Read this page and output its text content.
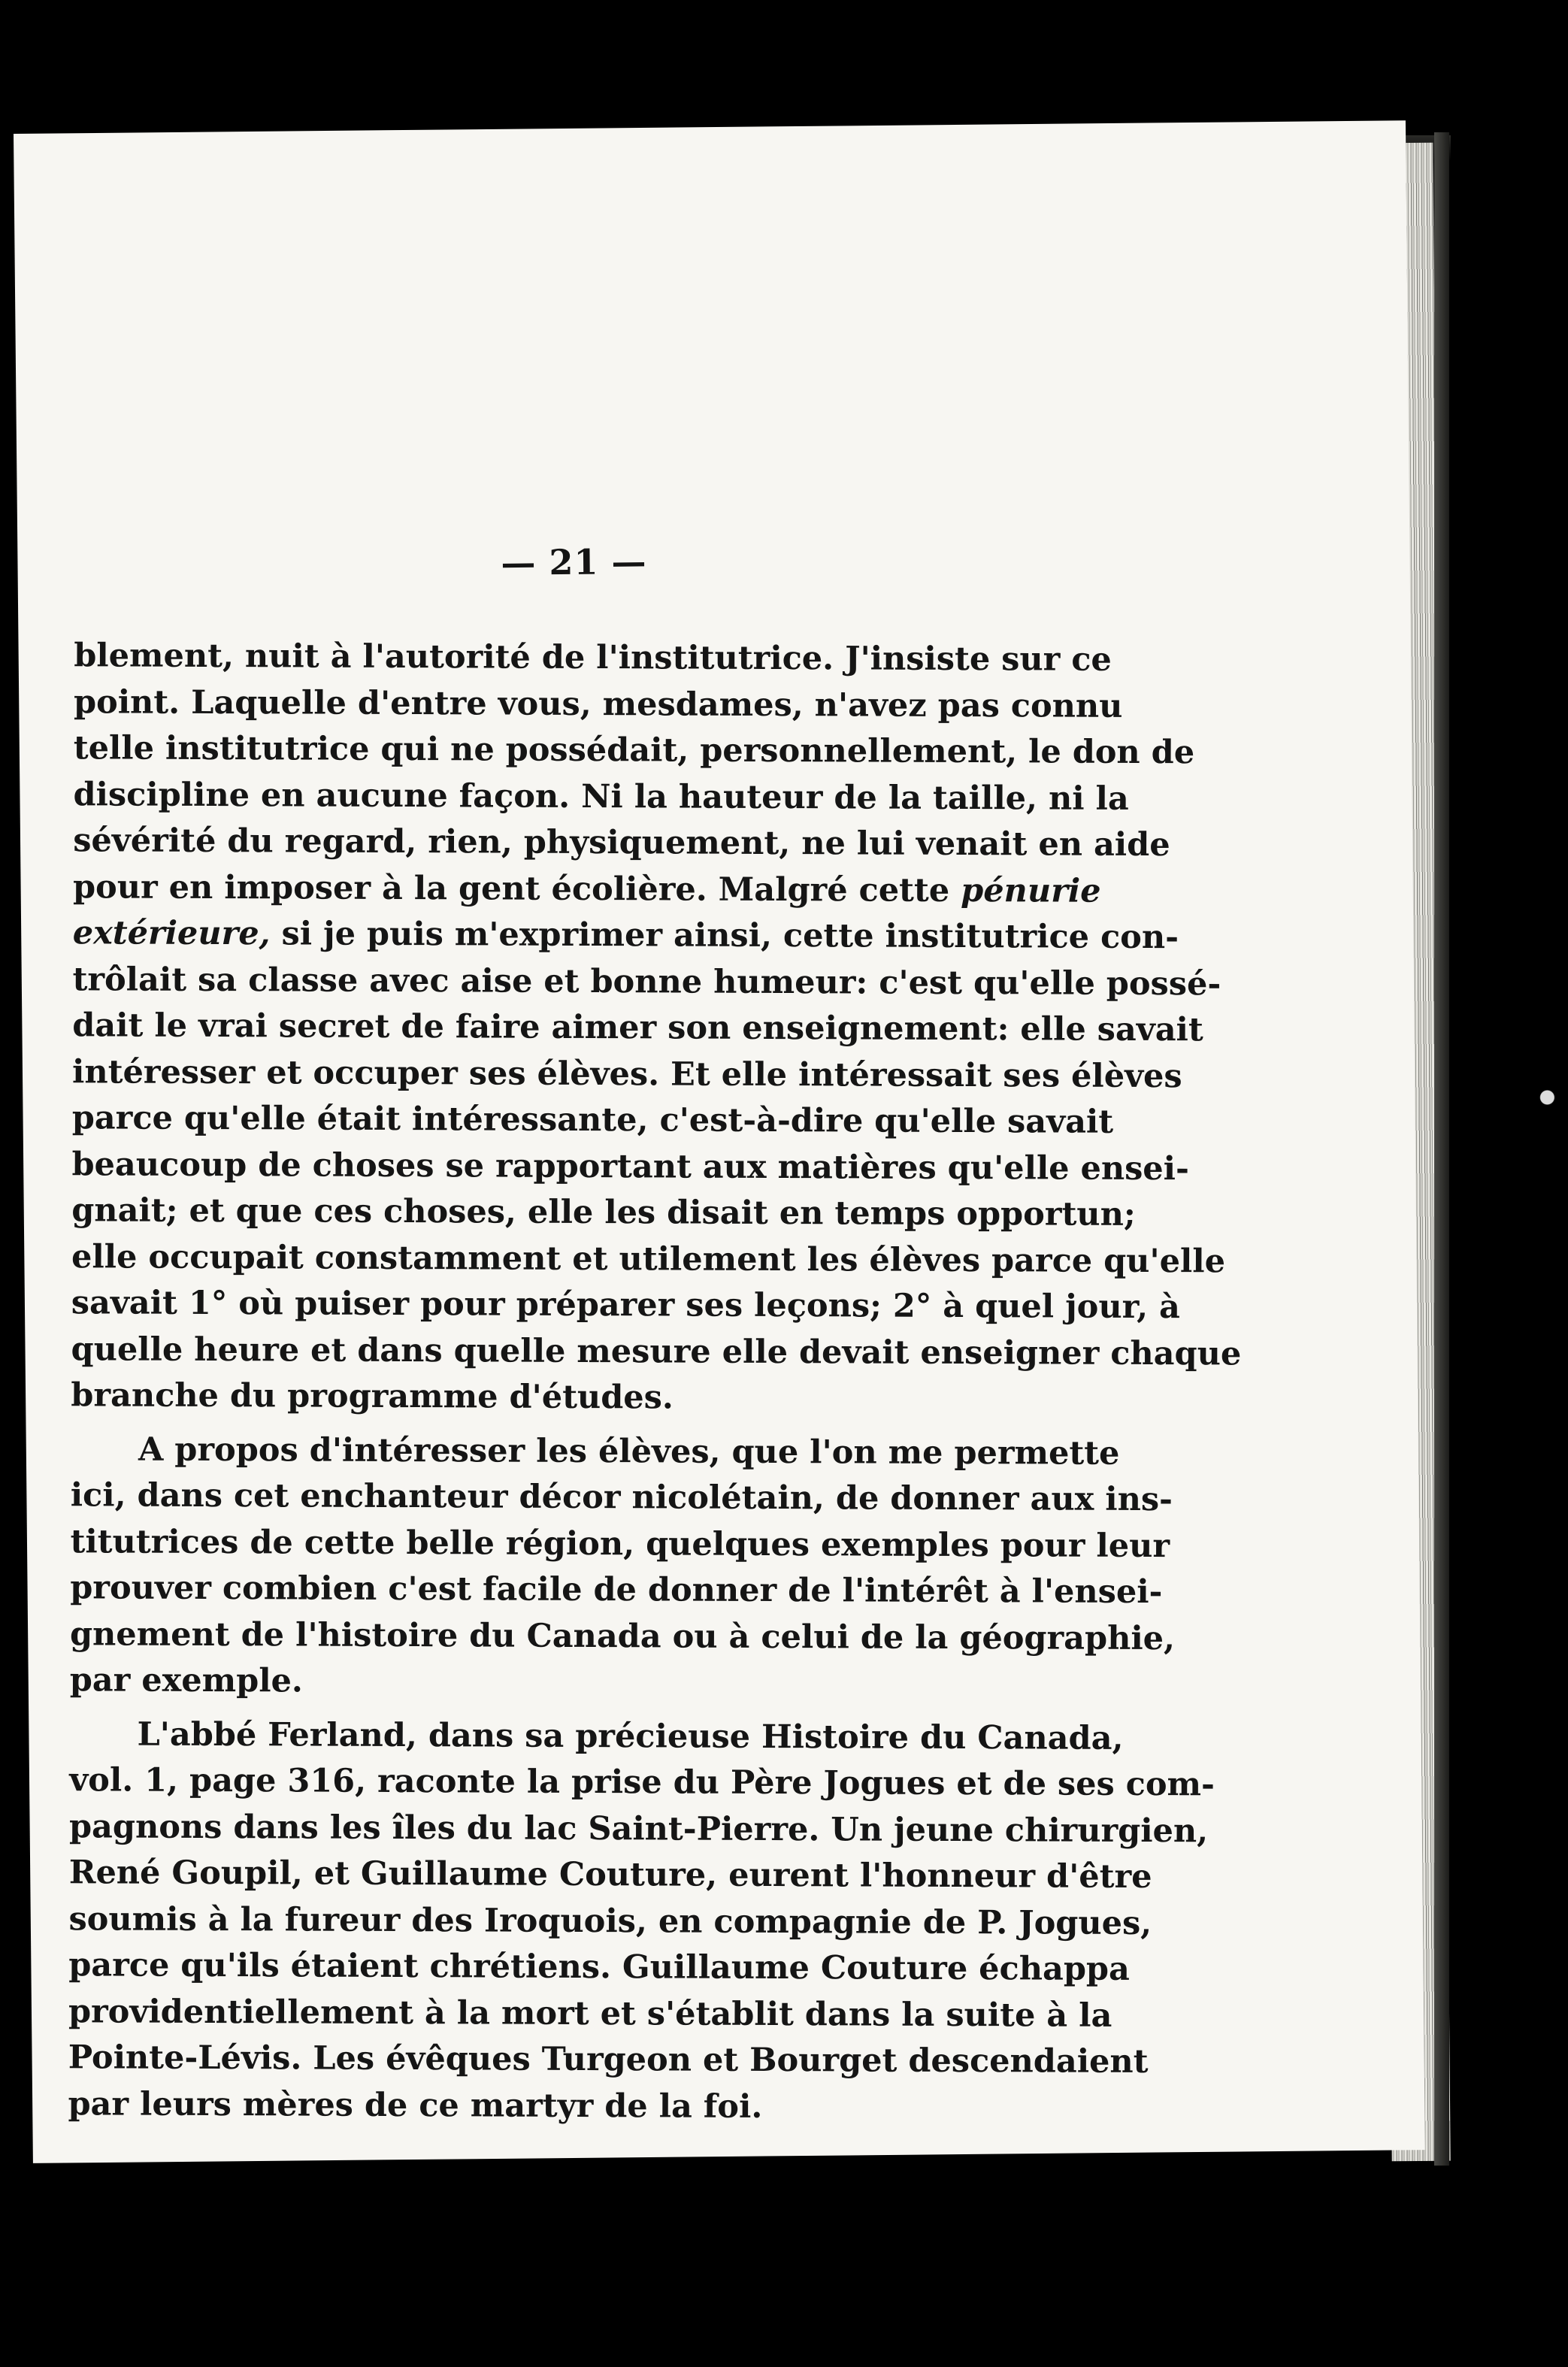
— 21 —

blement, nuit à l'autorité de l'institutrice. J'insiste sur ce
point. Laquelle d'entre vous, mesdames, n'avez pas connu
telle institutrice qui ne possédait, personnellement, le don de
discipline en aucune façon. Ni la hauteur de la taille, ni la
sévérité du regard, rien, physiquement, ne lui venait en aide
pour en imposer à la gent écolière. Malgré cette pénurie
extérieure, si je puis m'exprimer ainsi, cette institutrice con-
trôlait sa classe avec aise et bonne humeur: c'est qu'elle possé-
dait le vrai secret de faire aimer son enseignement: elle savait
intéresser et occuper ses élèves. Et elle intéressait ses élèves
parce qu'elle était intéressante, c'est-à-dire qu'elle savait
beaucoup de choses se rapportant aux matières qu'elle ensei-
gnait; et que ces choses, elle les disait en temps opportun;
elle occupait constamment et utilement les élèves parce qu'elle
savait 1° où puiser pour préparer ses leçons; 2° à quel jour, à
quelle heure et dans quelle mesure elle devait enseigner chaque
branche du programme d'études.

A propos d'intéresser les élèves, que l'on me permette
ici, dans cet enchanteur décor nicolétain, de donner aux ins-
titutrices de cette belle région, quelques exemples pour leur
prouver combien c'est facile de donner de l'intérêt à l'ensei-
gnement de l'histoire du Canada ou à celui de la géographie,
par exemple.

L'abbé Ferland, dans sa précieuse Histoire du Canada,
vol. 1, page 316, raconte la prise du Père Jogues et de ses com-
pagnons dans les îles du lac Saint-Pierre. Un jeune chirurgien,
René Goupil, et Guillaume Couture, eurent l'honneur d'être
soumis à la fureur des Iroquois, en compagnie de P. Jogues,
parce qu'ils étaient chrétiens. Guillaume Couture échappa
providentiellement à la mort et s'établit dans la suite à la
Pointe-Lévis. Les évêques Turgeon et Bourget descendaient
par leurs mères de ce martyr de la foi.
